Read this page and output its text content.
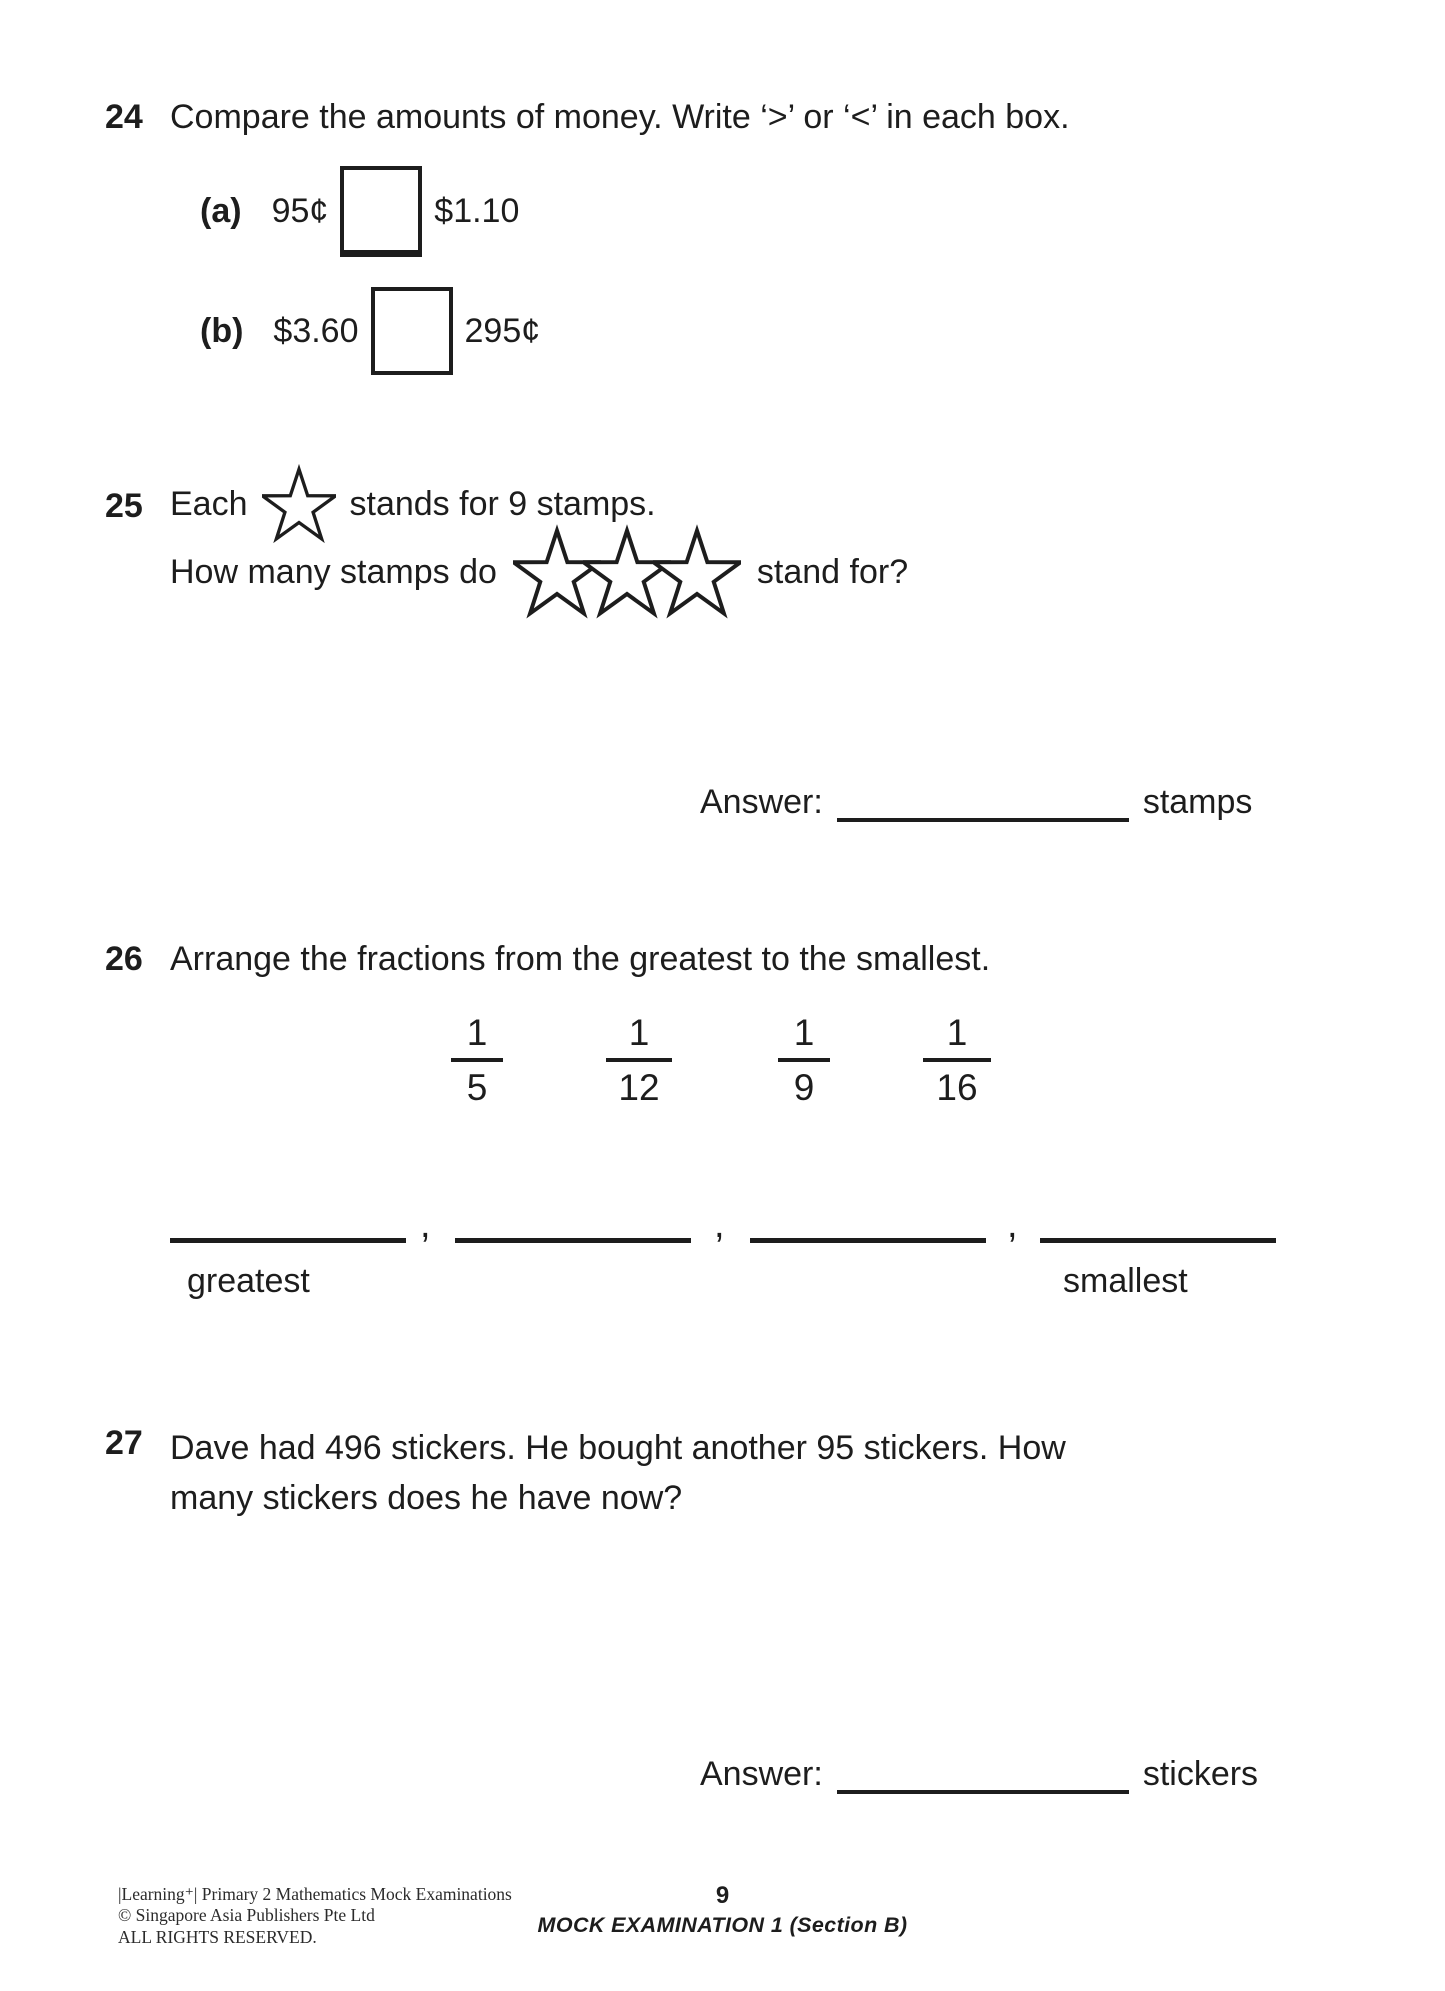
24 Compare the amounts of money. Write ‘>’ or ‘<’ in each box.
(a) 95¢	$1.10
(b) $3.60	295¢
25 Each	stands for 9 stamps.
How many stamps do	stand for?
Answer:	stamps
26 Arrange the fractions from the greatest to the smallest.
$\frac{1}{5}$	$\frac{1}{12}$	$\frac{1}{9}$	$\frac{1}{16}$
,	,	,
greatest	smallest
27 Dave had 496 stickers. He bought another 95 stickers. How
many stickers does he have now?
Answer:	stickers
|Learning⁺| Primary 2 Mathematics Mock Examinations
© Singapore Asia Publishers Pte Ltd
ALL RIGHTS RESERVED.
9
MOCK EXAMINATION 1 (Section B)
